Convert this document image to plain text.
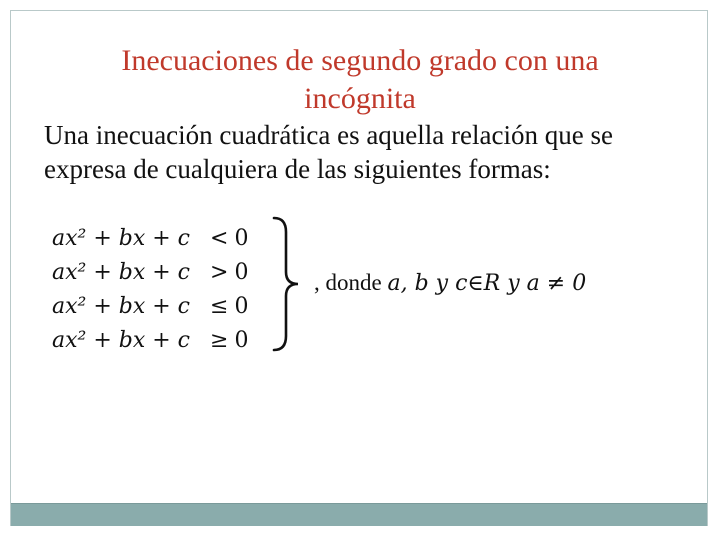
Inecuaciones de segundo grado con una
incógnita
Una inecuación cuadrática es aquella relación que se
expresa de cualquiera de las siguientes formas:
ax² + bx + c < 0
ax² + bx + c > 0
ax² + bx + c ≤ 0
ax² + bx + c ≥ 0
, donde a, b y c∈R y a ≠ 0
